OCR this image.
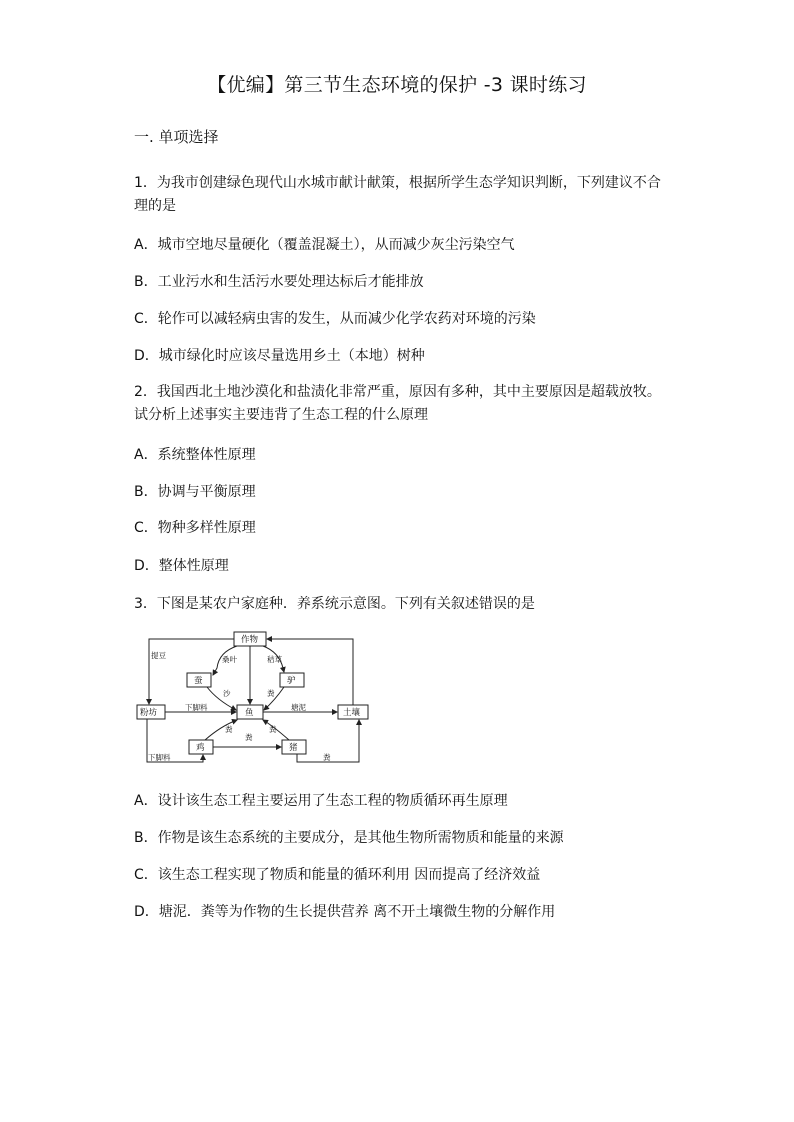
【优编】第三节生态环境的保护 -3 课时练习
一. 单项选择
1．为我市创建绿色现代山水城市献计献策，根据所学生态学知识判断，下列建议不合理的是
A．城市空地尽量硬化（覆盖混凝土），从而减少灰尘污染空气
B．工业污水和生活污水要处理达标后才能排放
C．轮作可以减轻病虫害的发生，从而减少化学农药对环境的污染
D．城市绿化时应该尽量选用乡土（本地）树种
2．我国西北土地沙漠化和盐渍化非常严重，原因有多种，其中主要原因是超载放牧。试分析上述事实主要违背了生态工程的什么原理
A．系统整体性原理
B．协调与平衡原理
C．物种多样性原理
D．整体性原理
3．下图是某农户家庭种．养系统示意图。下列有关叙述错误的是
作物
蚕	驴
粉坊	鱼	土壤
鸡	猪
提豆	桑叶	秸草
沙	粪
下脚料	塘泥
粪
粪
粪
下脚料	粪
A．设计该生态工程主要运用了生态工程的物质循环再生原理
B．作物是该生态系统的主要成分，是其他生物所需物质和能量的来源
C．该生态工程实现了物质和能量的循环利用 因而提高了经济效益
D．塘泥．粪等为作物的生长提供营养 离不开土壤微生物的分解作用
